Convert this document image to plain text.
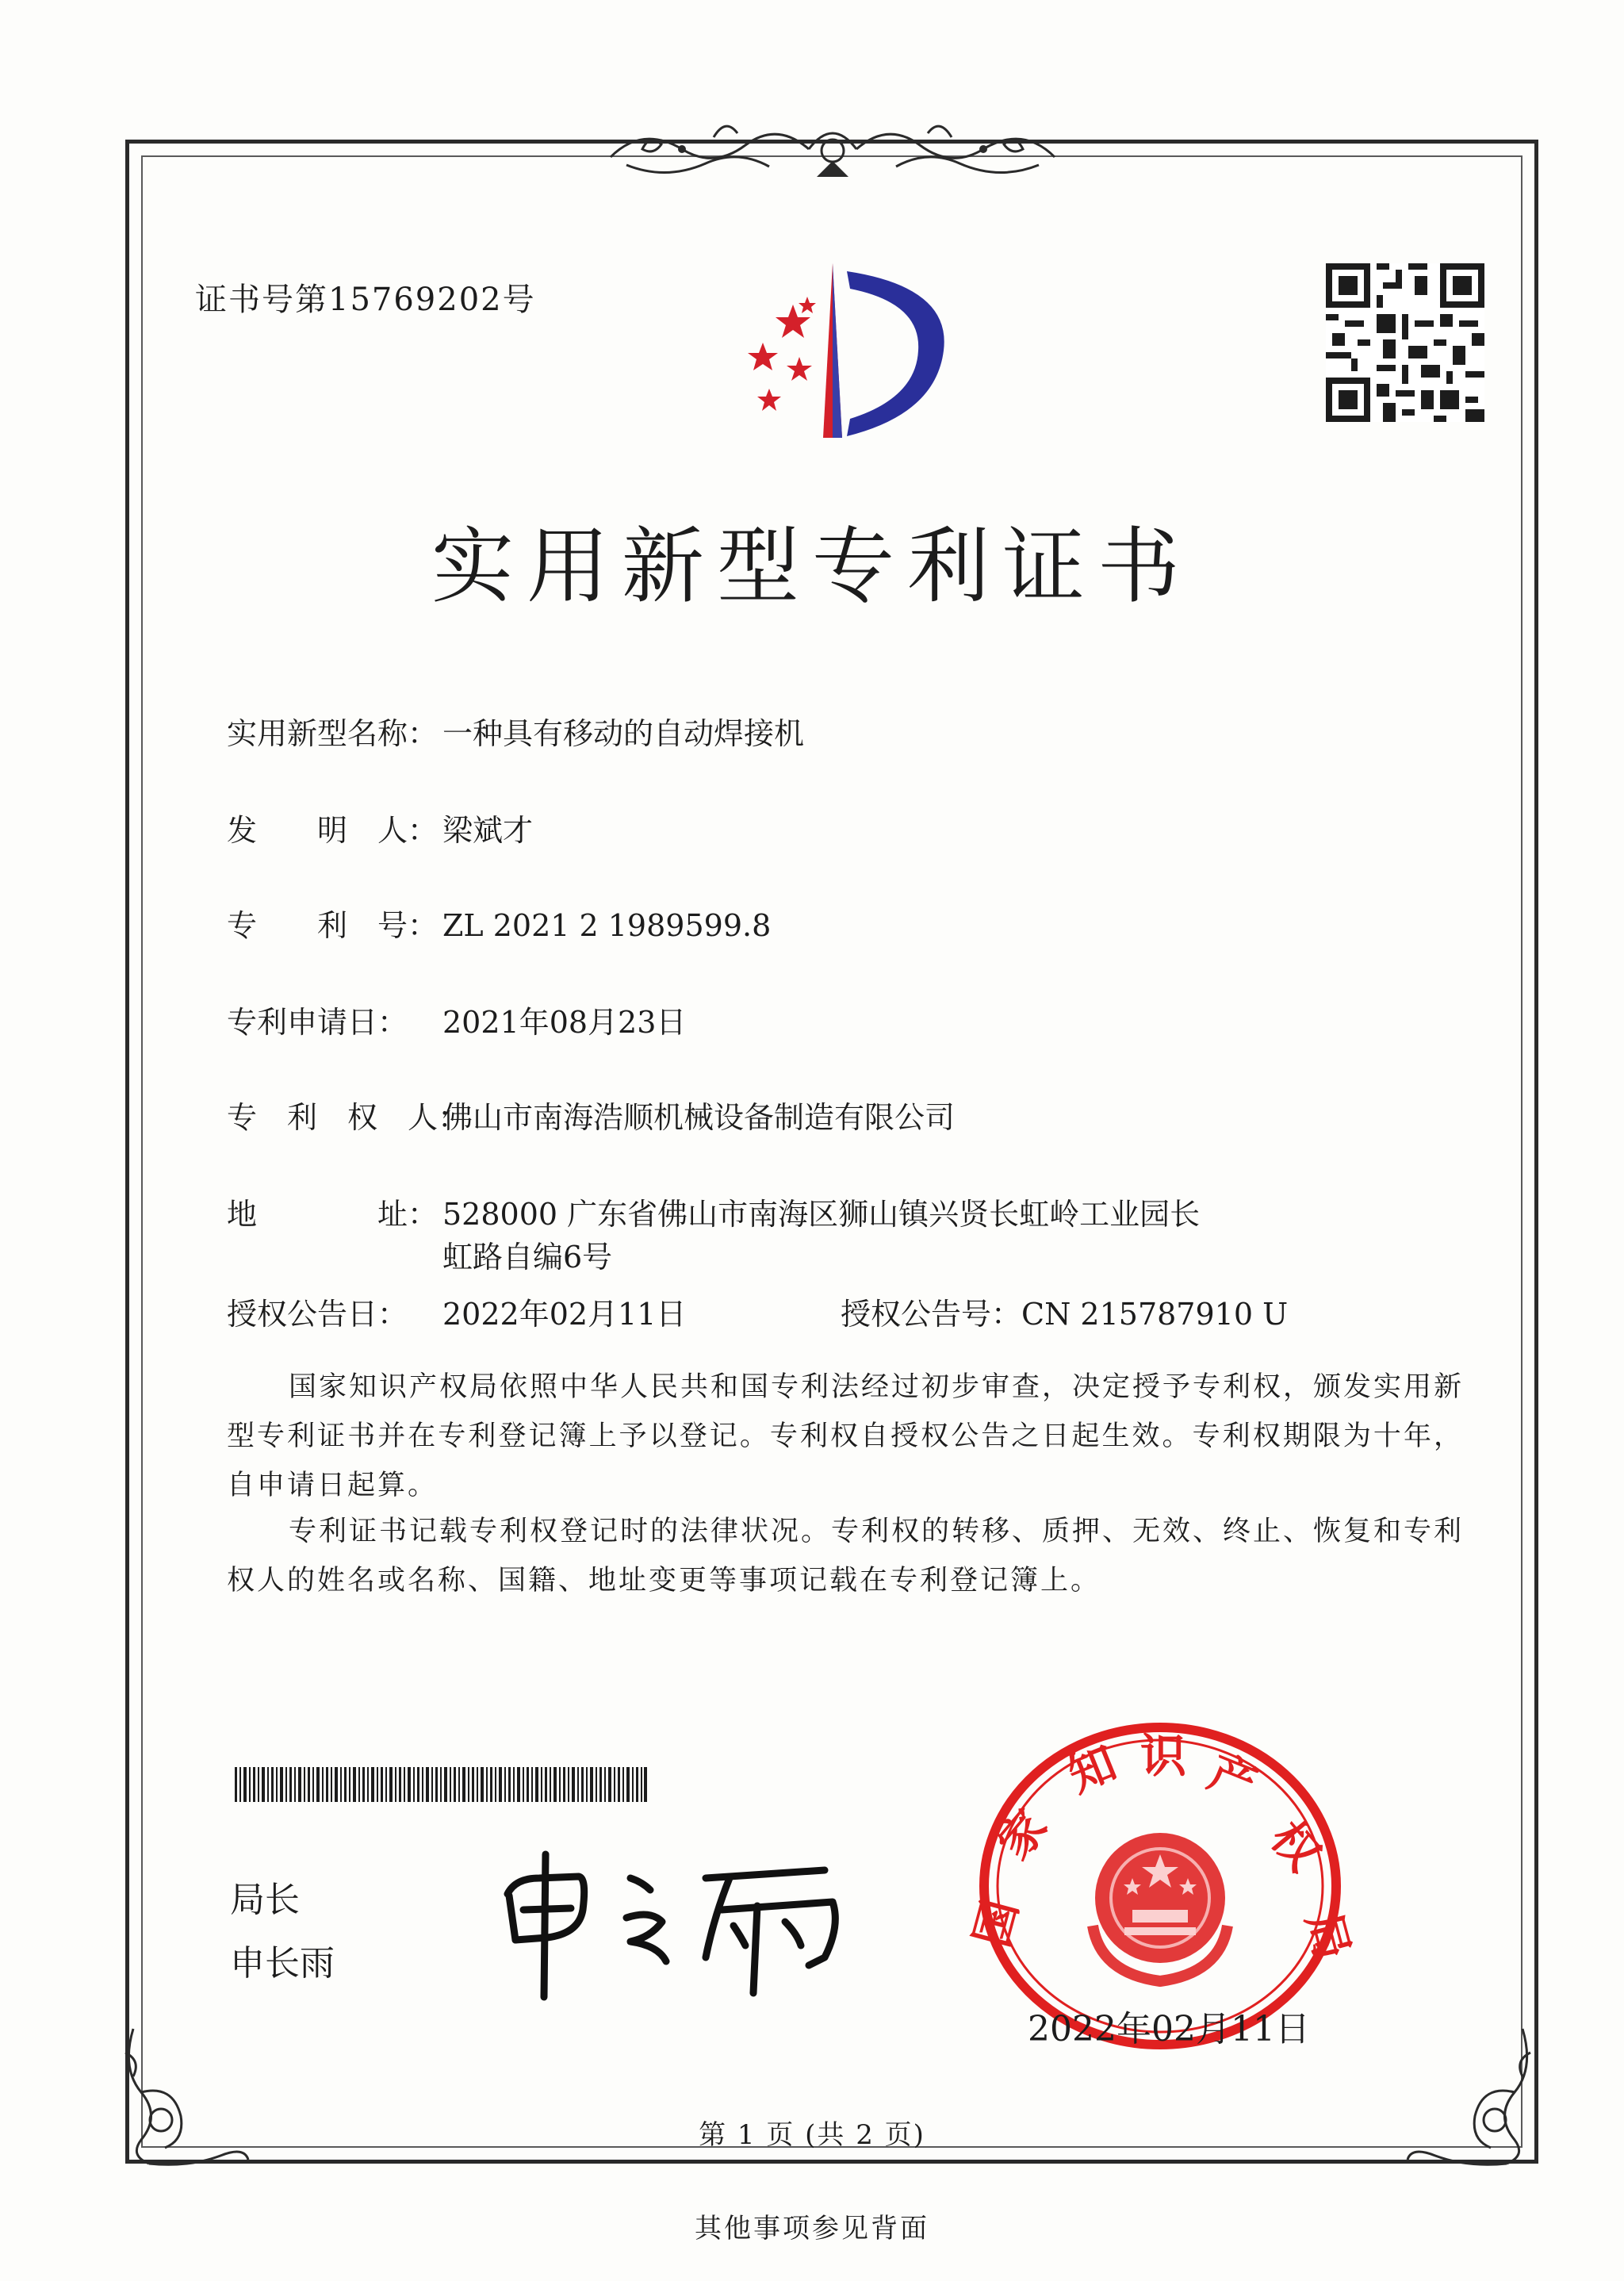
证书号第15769202号
实用新型专利证书
实用新型名称： 一种具有移动的自动焊接机
发　　明　人： 梁斌才
专　　利　号： ZL 2021 2 1989599.8
专利申请日： 2021年08月23日
专　利　权　人：佛山市南海浩顺机械设备制造有限公司
地　　　　址： 528000 广东省佛山市南海区狮山镇兴贤长虹岭工业园长
虹路自编6号
授权公告日： 2022年02月11日	授权公告号：CN 215787910 U
国家知识产权局依照中华人民共和国专利法经过初步审查，决定授予专利权，颁发实用新型专利证书并在专利登记簿上予以登记。专利权自授权公告之日起生效。专利权期限为十年，自申请日起算。
专利证书记载专利权登记时的法律状况。专利权的转移、质押、无效、终止、恢复和专利权人的姓名或名称、国籍、地址变更等事项记载在专利登记簿上。
局长
申长雨
国
家
知 识 产
权
局
2022年02月11日
第 1 页 (共 2 页)
其他事项参见背面
